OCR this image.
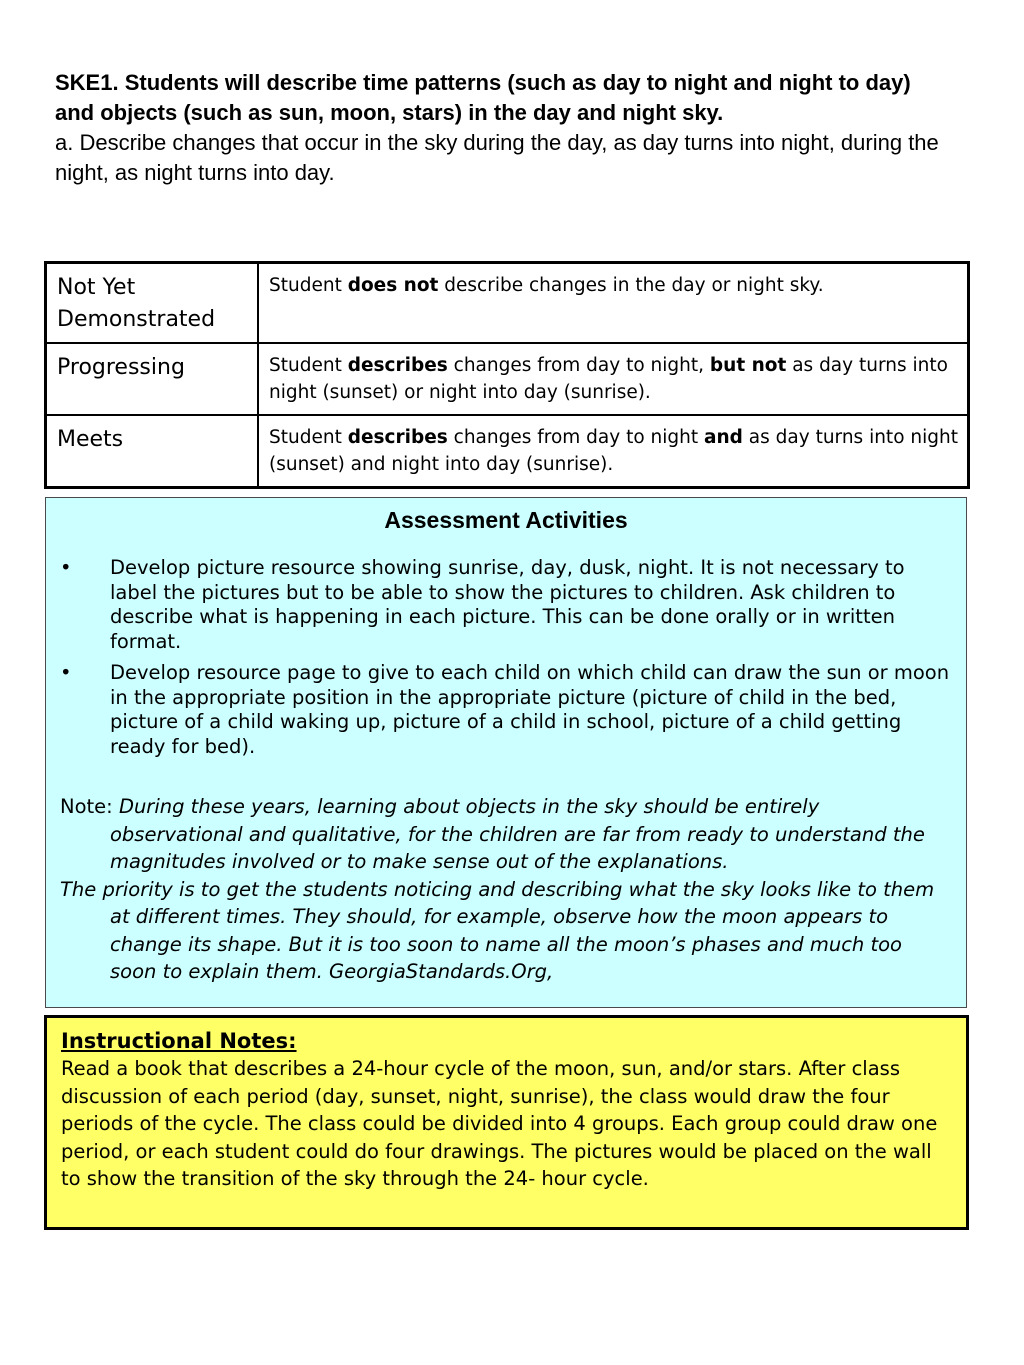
SKE1. Students will describe time patterns (such as day to night and night to day) and objects (such as sun, moon, stars) in the day and night sky.

a. Describe changes that occur in the sky during the day, as day turns into night, during the night, as night turns into day.

Not Yet Demonstrated	Student does not describe changes in the day or night sky.
Progressing	Student describes changes from day to night, but not as day turns into night (sunset) or night into day (sunrise).
Meets	Student describes changes from day to night and as day turns into night (sunset) and night into day (sunrise).

Assessment Activities

• Develop picture resource showing sunrise, day, dusk, night. It is not necessary to label the pictures but to be able to show the pictures to children. Ask children to describe what is happening in each picture. This can be done orally or in written format.
• Develop resource page to give to each child on which child can draw the sun or moon in the appropriate position in the appropriate picture (picture of child in the bed, picture of a child waking up, picture of a child in school, picture of a child getting ready for bed).

Note: During these years, learning about objects in the sky should be entirely observational and qualitative, for the children are far from ready to understand the magnitudes involved or to make sense out of the explanations.

The priority is to get the students noticing and describing what the sky looks like to them at different times. They should, for example, observe how the moon appears to change its shape. But it is too soon to name all the moon’s phases and much too soon to explain them. GeorgiaStandards.Org,

Instructional Notes:

Read a book that describes a 24-hour cycle of the moon, sun, and/or stars. After class discussion of each period (day, sunset, night, sunrise), the class would draw the four periods of the cycle. The class could be divided into 4 groups. Each group could draw one period, or each student could do four drawings. The pictures would be placed on the wall to show the transition of the sky through the 24- hour cycle.
